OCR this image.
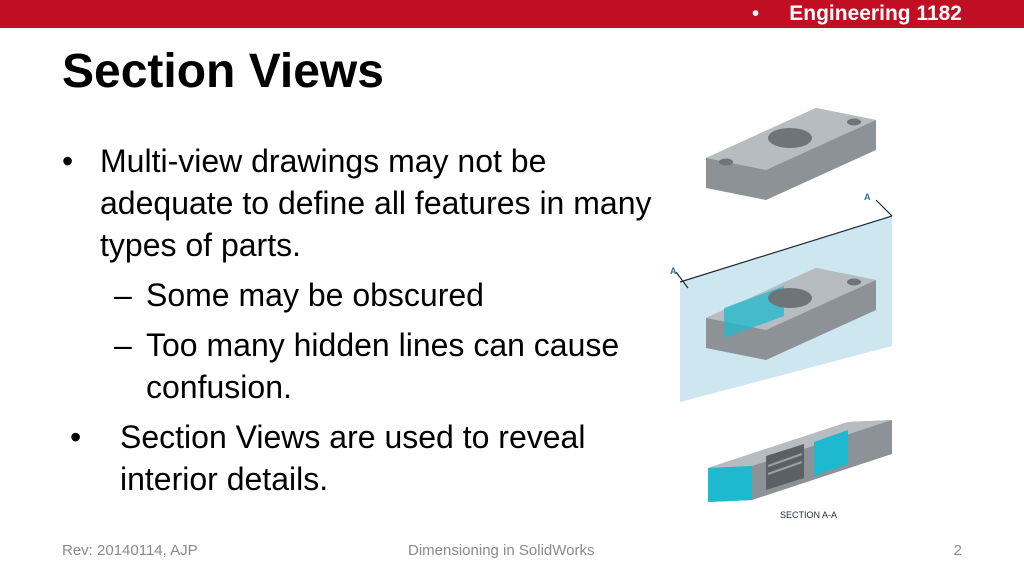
• Engineering 1182
Section Views
• Multi-view drawings may not be adequate to define all features in many types of parts.
– Some may be obscured
– Too many hidden lines can cause confusion.
• Section Views are used to reveal interior details.
A
A
SECTION A-A
Rev: 20140114, AJP	Dimensioning in SolidWorks	2
